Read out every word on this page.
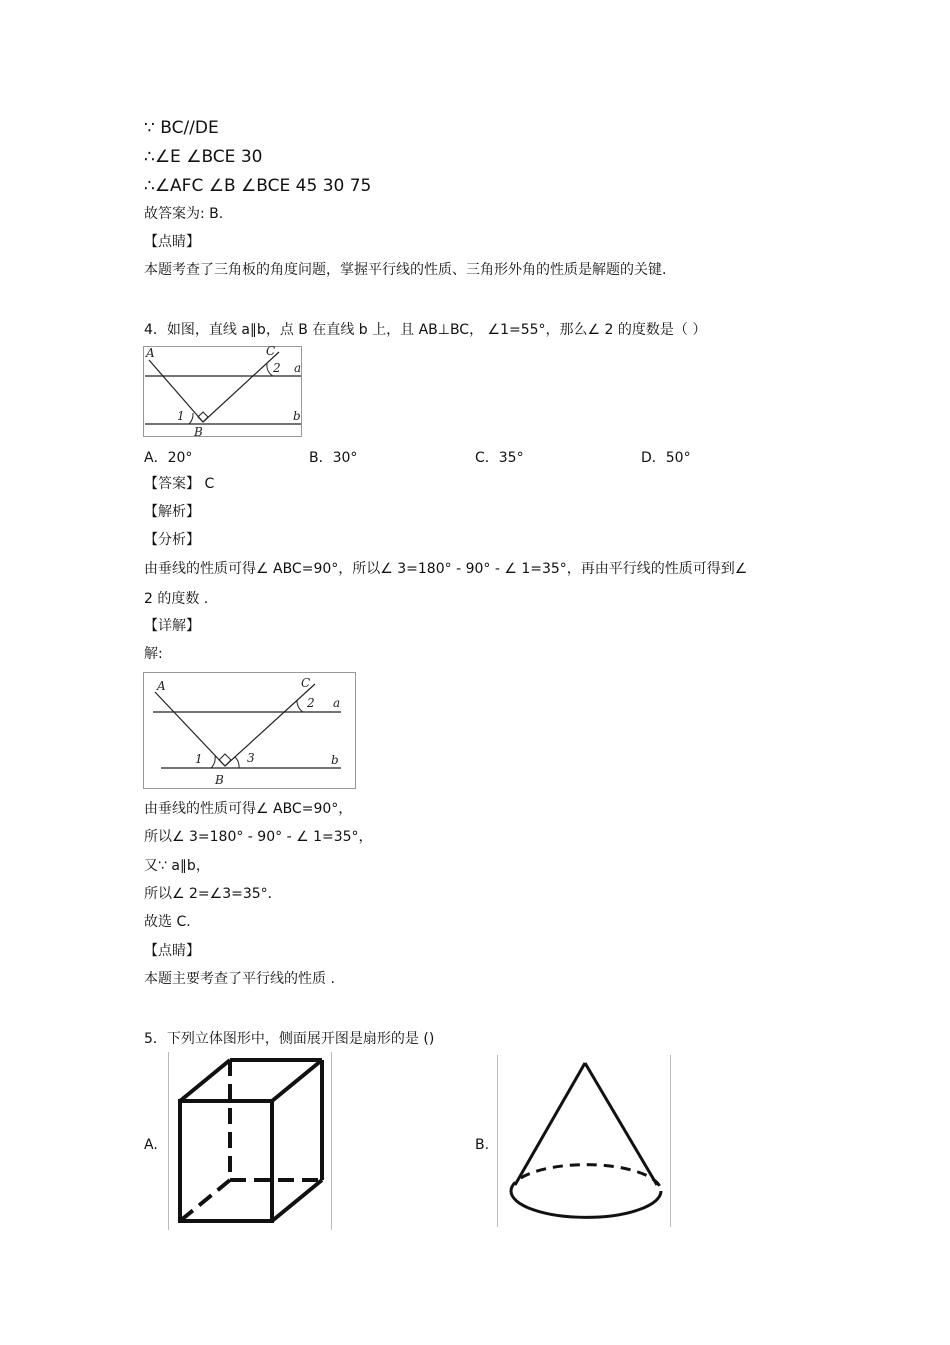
∵ BC//DE
∴∠E ∠BCE 30
∴∠AFC ∠B ∠BCE 45 30 75
故答案为: B.
【点睛】
本题考查了三角板的角度问题，掌握平行线的性质、三角形外角的性质是解题的关键.
4．如图，直线 a∥b，点 B 在直线 b 上，且 AB⊥BC， ∠1=55°，那么∠ 2 的度数是（ ）
A	C
2 a
1
B
b
A．20°	B．30°	C．35°	D．50°
【答案】 C
【解析】
【分析】
由垂线的性质可得∠ ABC=90°，所以∠ 3=180° - 90° - ∠ 1=35°，再由平行线的性质可得到∠
2 的度数 .
【详解】
解:
A	C
2 a
1	3
B
b
由垂线的性质可得∠ ABC=90°，
所以∠ 3=180° - 90° - ∠ 1=35°，
又∵ a∥b，
所以∠ 2=∠3=35°．
故选 C.
【点睛】
本题主要考查了平行线的性质 .
5．下列立体图形中，侧面展开图是扇形的是 ()
A.	B.
